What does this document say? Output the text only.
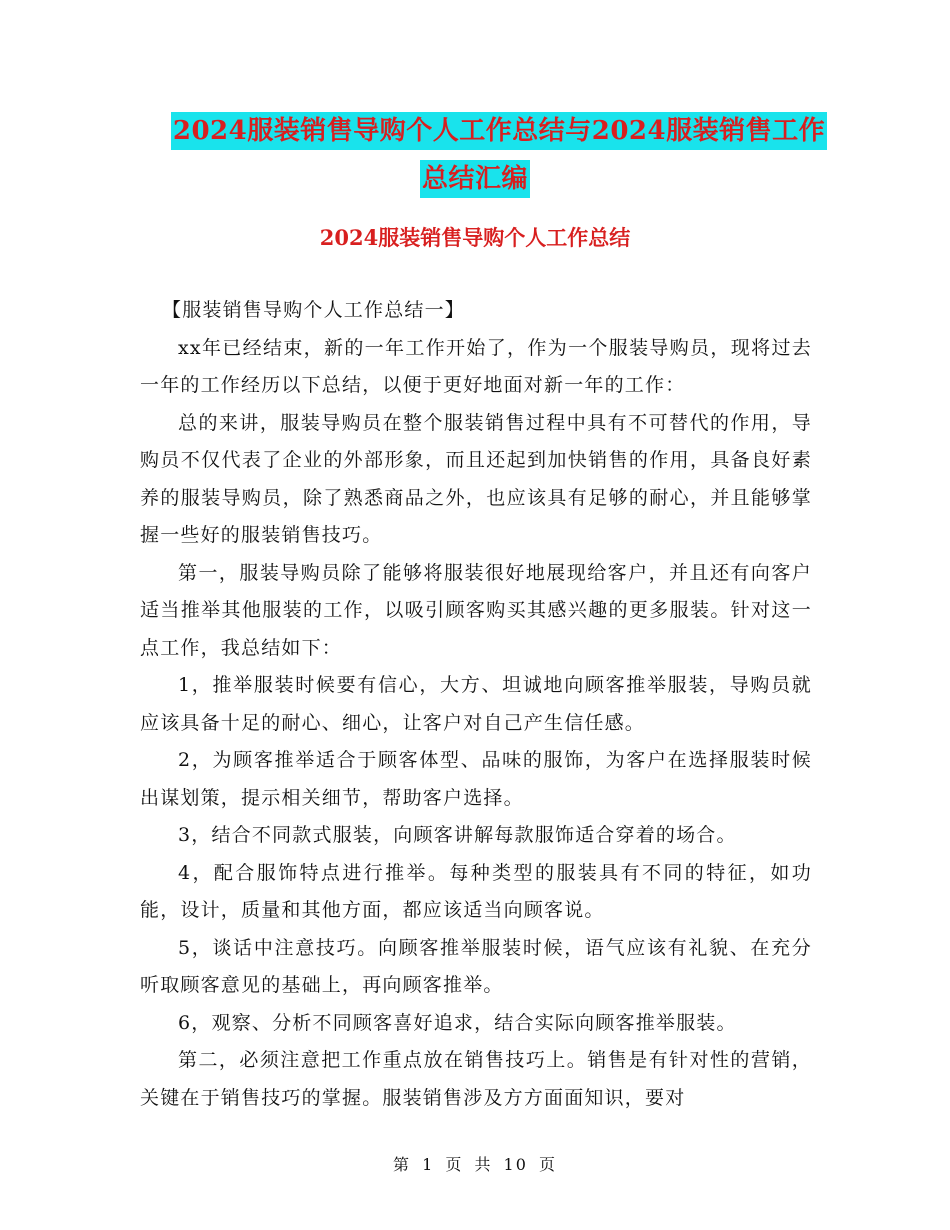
2024服装销售导购个人工作总结与2024服装销售工作
总结汇编
2024服装销售导购个人工作总结

【服装销售导购个人工作总结一】

xx年已经结束，新的一年工作开始了，作为一个服装导购员，现将过去一年的工作经历以下总结，以便于更好地面对新一年的工作：

总的来讲，服装导购员在整个服装销售过程中具有不可替代的作用，导购员不仅代表了企业的外部形象，而且还起到加快销售的作用，具备良好素养的服装导购员，除了熟悉商品之外，也应该具有足够的耐心，并且能够掌握一些好的服装销售技巧。

第一，服装导购员除了能够将服装很好地展现给客户，并且还有向客户适当推举其他服装的工作，以吸引顾客购买其感兴趣的更多服装。针对这一点工作，我总结如下：

1，推举服装时候要有信心，大方、坦诚地向顾客推举服装，导购员就应该具备十足的耐心、细心，让客户对自己产生信任感。

2，为顾客推举适合于顾客体型、品味的服饰，为客户在选择服装时候出谋划策，提示相关细节，帮助客户选择。

3，结合不同款式服装，向顾客讲解每款服饰适合穿着的场合。

4，配合服饰特点进行推举。每种类型的服装具有不同的特征，如功能，设计，质量和其他方面，都应该适当向顾客说。

5，谈话中注意技巧。向顾客推举服装时候，语气应该有礼貌、在充分听取顾客意见的基础上，再向顾客推举。

6，观察、分析不同顾客喜好追求，结合实际向顾客推举服装。

第二，必须注意把工作重点放在销售技巧上。销售是有针对性的营销，关键在于销售技巧的掌握。服装销售涉及方方面面知识，要对

第 1 页 共 10 页
